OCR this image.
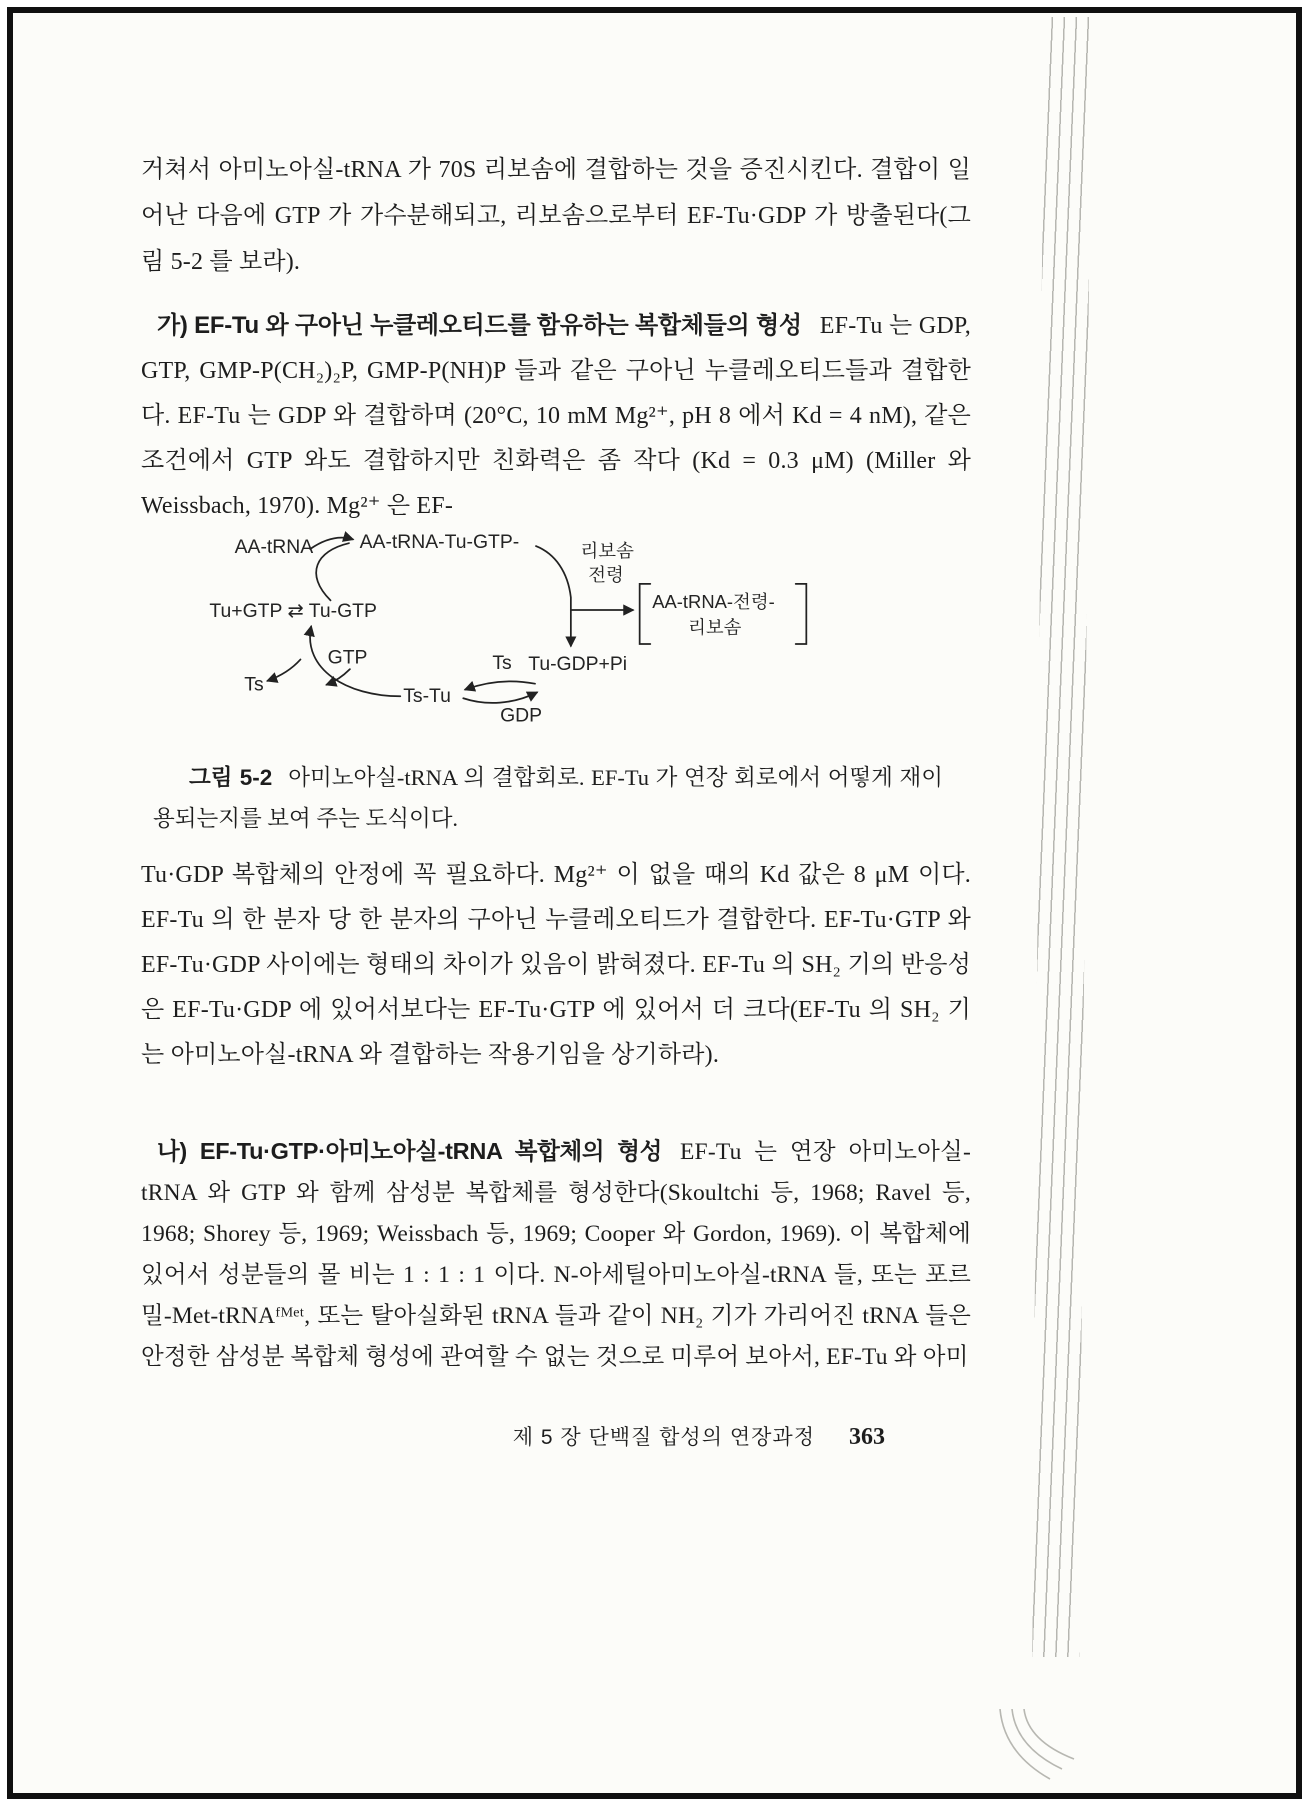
거쳐서 아미노아실-tRNA 가 70S 리보솜에 결합하는 것을 증진시킨다. 결합이 일어난 다음에 GTP 가 가수분해되고, 리보솜으로부터 EF-Tu·GDP 가 방출된다(그림 5-2 를 보라).

가) EF-Tu 와 구아닌 누클레오티드를 함유하는 복합체들의 형성 EF-Tu 는 GDP, GTP, GMP-P(CH₂)₂P, GMP-P(NH)P 들과 같은 구아닌 누클레오티드들과 결합한다. EF-Tu 는 GDP 와 결합하며 (20°C, 10 mM Mg²⁺, pH 8 에서 Kd = 4 nM), 같은 조건에서 GTP 와도 결합하지만 친화력은 좀 작다 (Kd = 0.3 μM) (Miller 와 Weissbach, 1970). Mg²⁺ 은 EF-

AA-tRNA AA-tRNA-Tu-GTP-	리보솜
전령
Tu+GTP ⇄ Tu-GTP	AA-tRNA-전령-
리보솜
Tu-GDP+Pi
GTP
Ts
Ts-Tu
Ts
GDP

그림 5-2 아미노아실-tRNA 의 결합회로. EF-Tu 가 연장 회로에서 어떻게 재이용되는지를 보여 주는 도식이다.

Tu·GDP 복합체의 안정에 꼭 필요하다. Mg²⁺ 이 없을 때의 Kd 값은 8 μM 이다. EF-Tu 의 한 분자 당 한 분자의 구아닌 누클레오티드가 결합한다. EF-Tu·GTP 와 EF-Tu·GDP 사이에는 형태의 차이가 있음이 밝혀졌다. EF-Tu 의 SH₂ 기의 반응성은 EF-Tu·GDP 에 있어서보다는 EF-Tu·GTP 에 있어서 더 크다(EF-Tu 의 SH₂ 기는 아미노아실-tRNA 와 결합하는 작용기임을 상기하라).

나) EF-Tu·GTP·아미노아실-tRNA 복합체의 형성 EF-Tu 는 연장 아미노아실-tRNA 와 GTP 와 함께 삼성분 복합체를 형성한다(Skoultchi 등, 1968; Ravel 등, 1968; Shorey 등, 1969; Weissbach 등, 1969; Cooper 와 Gordon, 1969). 이 복합체에 있어서 성분들의 몰 비는 1 : 1 : 1 이다. N-아세틸아미노아실-tRNA 들, 또는 포르밀-Met-tRNAᶠᴹᵉᵗ, 또는 탈아실화된 tRNA 들과 같이 NH₂ 기가 가리어진 tRNA 들은 안정한 삼성분 복합체 형성에 관여할 수 없는 것으로 미루어 보아서, EF-Tu 와 아미

제 5 장 단백질 합성의 연장과정 363
